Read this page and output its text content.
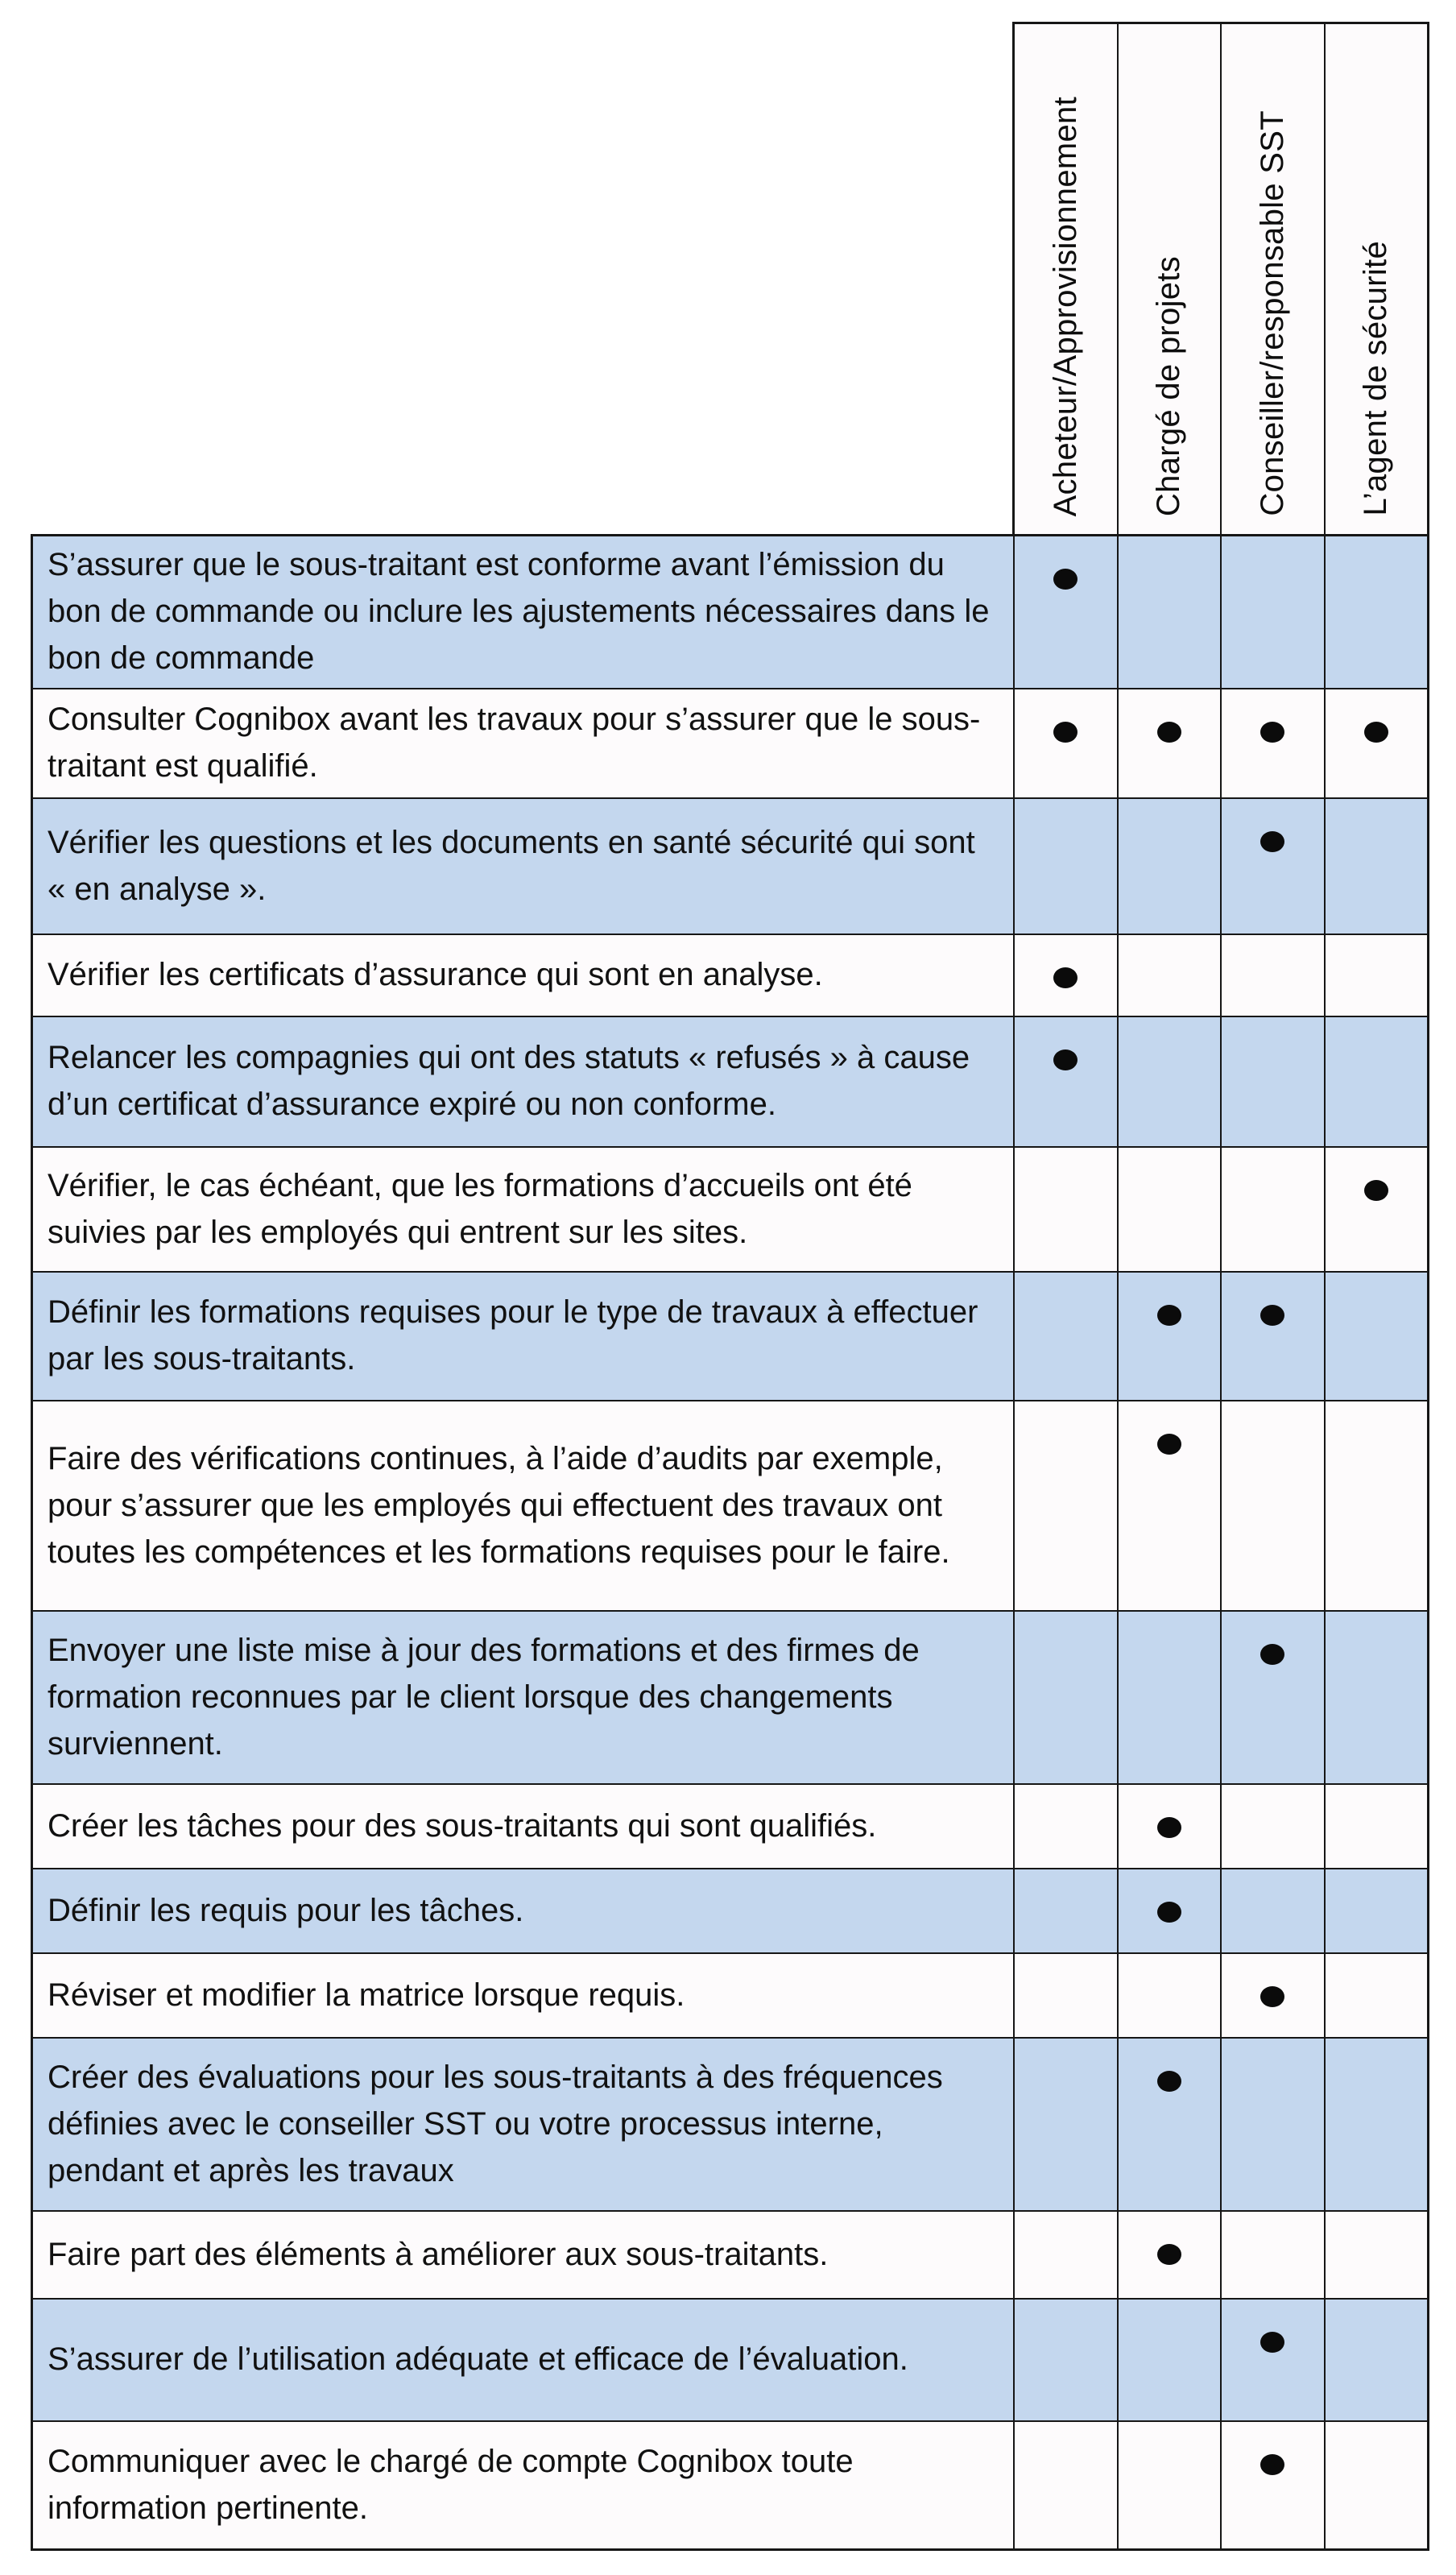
Acheteur/Approvisionnement Chargé de projets Conseiller/responsable SST L’agent de sécurité
S’assurer que le sous-traitant est conforme avant l’émission du bon de commande ou inclure les ajustements nécessaires dans le bon de commande
Consulter Cognibox avant les travaux pour s’assurer que le sous-traitant est qualifié.
Vérifier les questions et les documents en santé sécurité qui sont « en analyse ».
Vérifier les certificats d’assurance qui sont en analyse.
Relancer les compagnies qui ont des statuts « refusés » à cause d’un certificat d’assurance expiré ou non conforme.
Vérifier, le cas échéant, que les formations d’accueils ont été suivies par les employés qui entrent sur les sites.
Définir les formations requises pour le type de travaux à effectuer par les sous-traitants.
Faire des vérifications continues, à l’aide d’audits par exemple, pour s’assurer que les employés qui effectuent des travaux ont toutes les compétences et les formations requises pour le faire.
Envoyer une liste mise à jour des formations et des firmes de formation reconnues par le client lorsque des changements surviennent.
Créer les tâches pour des sous-traitants qui sont qualifiés.
Définir les requis pour les tâches.
Réviser et modifier la matrice lorsque requis.
Créer des évaluations pour les sous-traitants à des fréquences définies avec le conseiller SST ou votre processus interne, pendant et après les travaux
Faire part des éléments à améliorer aux sous-traitants.
S’assurer de l’utilisation adéquate et efficace de l’évaluation.
Communiquer avec le chargé de compte Cognibox toute information pertinente.
